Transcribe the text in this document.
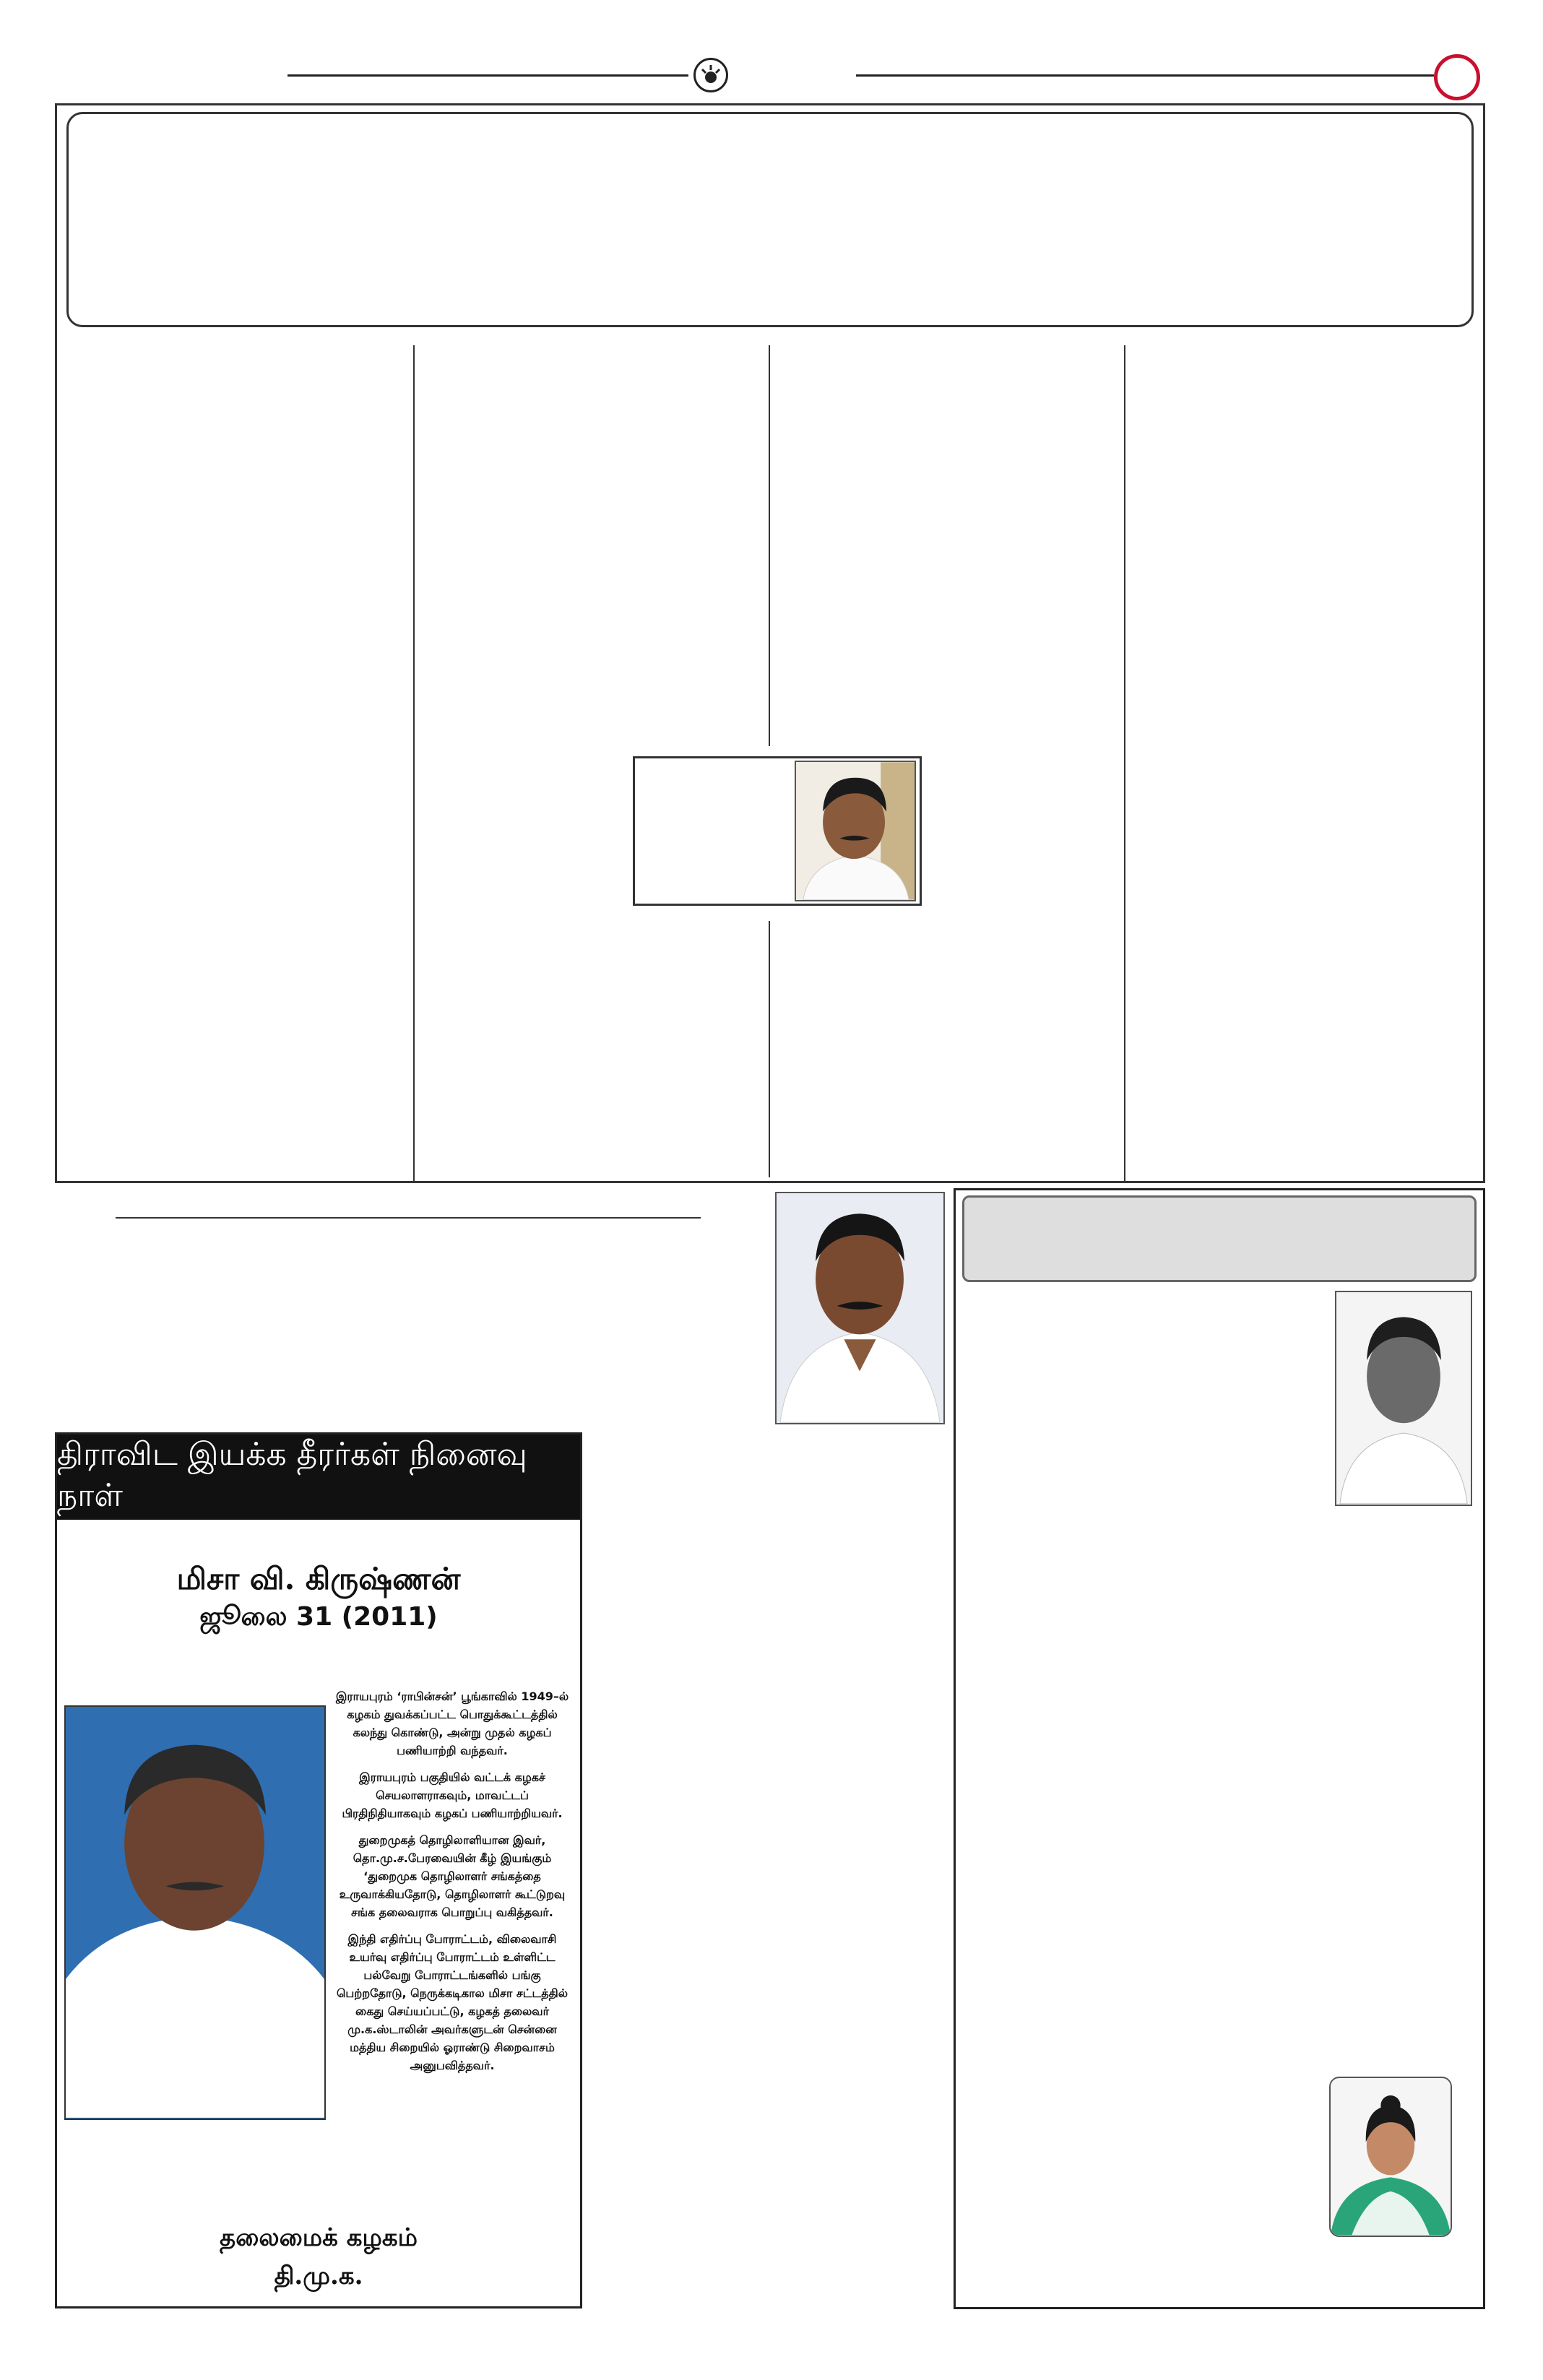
திராவிட இயக்க தீரர்கள் நினைவு நாள்
மிசா வி. கிருஷ்ணன்
ஜூலை 31 (2011)

இராயபுரம் ‘ராபின்சன்’ பூங்காவில் 1949–ல் கழகம் துவக்கப்பட்ட பொதுக்கூட்டத்தில் கலந்து கொண்டு, அன்று முதல் கழகப் பணியாற்றி வந்தவர்.

இராயபுரம் பகுதியில் வட்டக் கழகச் செயலாளராகவும், மாவட்டப் பிரதிநிதியாகவும் கழகப் பணியாற்றியவர்.

துறைமுகத் தொழிலாளியான இவர், தொ.மு.ச.பேரவையின் கீழ் இயங்கும் ‘துறைமுக தொழிலாளர் சங்கத்தை உருவாக்கியதோடு, தொழிலாளர் கூட்டுறவு சங்க தலைவராக பொறுப்பு வகித்தவர்.

இந்தி எதிர்ப்பு போராட்டம், விலைவாசி உயர்வு எதிர்ப்பு போராட்டம் உள்ளிட்ட பல்வேறு போராட்டங்களில் பங்கு பெற்றதோடு, நெருக்கடிகால மிசா சட்டத்தில் கைது செய்யப்பட்டு, கழகத் தலைவர் மு.க.ஸ்டாலின் அவர்களுடன் சென்னை மத்திய சிறையில் ஓராண்டு சிறைவாசம் அனுபவித்தவர்.

தலைமைக் கழகம்
தி.மு.க.
